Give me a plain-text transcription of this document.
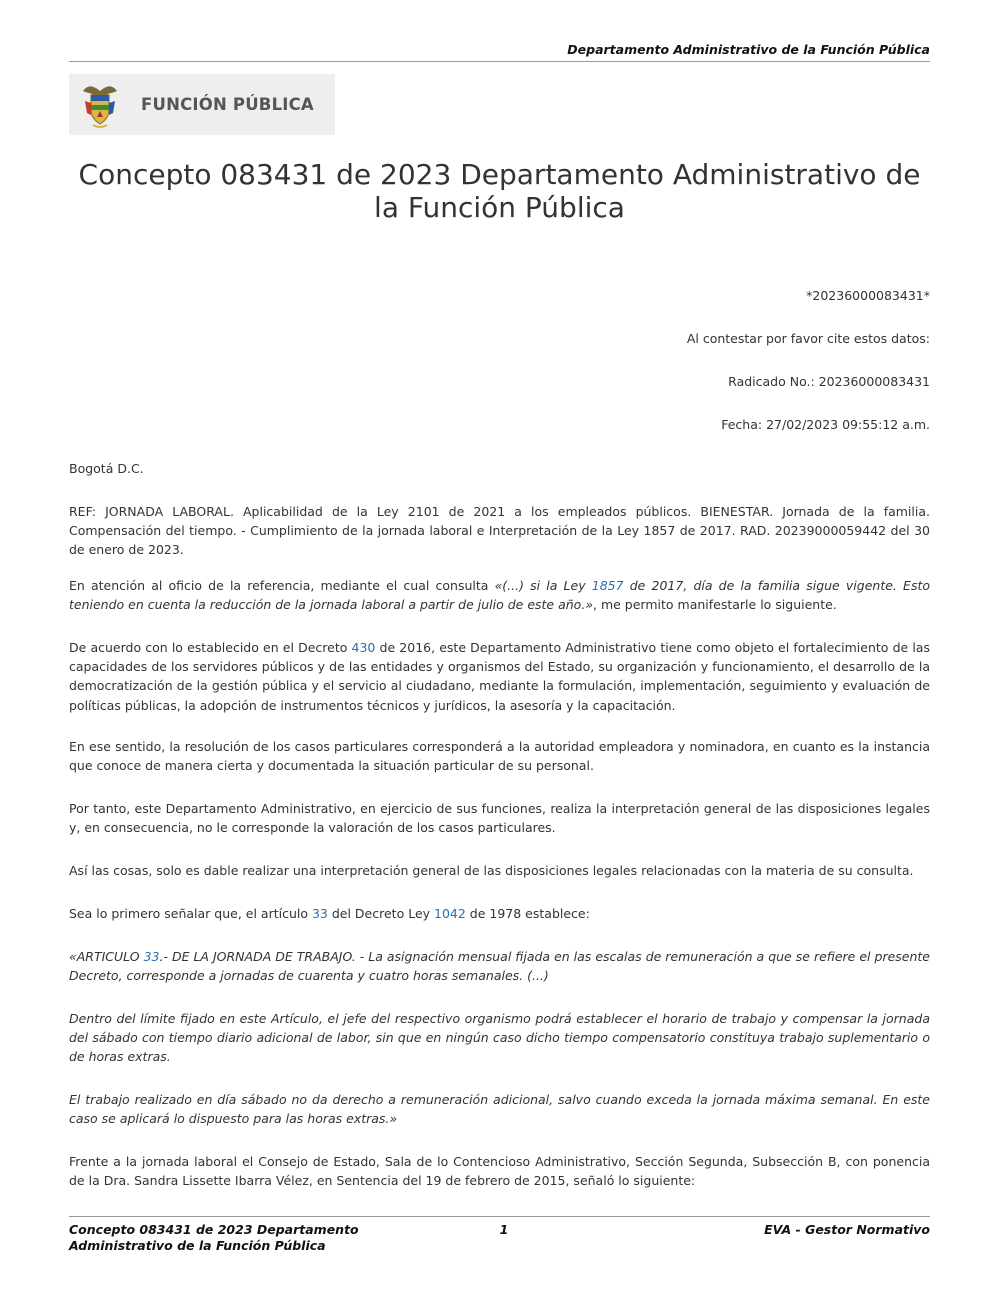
Departamento Administrativo de la Función Pública
FUNCIÓN PÚBLICA
Concepto 083431 de 2023 Departamento Administrativo de la Función Pública
*20236000083431*
Al contestar por favor cite estos datos:
Radicado No.: 20236000083431
Fecha: 27/02/2023 09:55:12 a.m.

Bogotá D.C.

REF: JORNADA LABORAL. Aplicabilidad de la Ley 2101 de 2021 a los empleados públicos. BIENESTAR. Jornada de la familia. Compensación del tiempo. - Cumplimiento de la jornada laboral e Interpretación de la Ley 1857 de 2017. RAD. 20239000059442 del 30 de enero de 2023.

En atención al oficio de la referencia, mediante el cual consulta «(...) si la Ley 1857 de 2017, día de la familia sigue vigente. Esto teniendo en cuenta la reducción de la jornada laboral a partir de julio de este año.», me permito manifestarle lo siguiente.

De acuerdo con lo establecido en el Decreto 430 de 2016, este Departamento Administrativo tiene como objeto el fortalecimiento de las capacidades de los servidores públicos y de las entidades y organismos del Estado, su organización y funcionamiento, el desarrollo de la democratización de la gestión pública y el servicio al ciudadano, mediante la formulación, implementación, seguimiento y evaluación de políticas públicas, la adopción de instrumentos técnicos y jurídicos, la asesoría y la capacitación.

En ese sentido, la resolución de los casos particulares corresponderá a la autoridad empleadora y nominadora, en cuanto es la instancia que conoce de manera cierta y documentada la situación particular de su personal.

Por tanto, este Departamento Administrativo, en ejercicio de sus funciones, realiza la interpretación general de las disposiciones legales y, en consecuencia, no le corresponde la valoración de los casos particulares.

Así las cosas, solo es dable realizar una interpretación general de las disposiciones legales relacionadas con la materia de su consulta.

Sea lo primero señalar que, el artículo 33 del Decreto Ley 1042 de 1978 establece:

«ARTICULO 33.- DE LA JORNADA DE TRABAJO. - La asignación mensual fijada en las escalas de remuneración a que se refiere el presente Decreto, corresponde a jornadas de cuarenta y cuatro horas semanales. (...)

Dentro del límite fijado en este Artículo, el jefe del respectivo organismo podrá establecer el horario de trabajo y compensar la jornada del sábado con tiempo diario adicional de labor, sin que en ningún caso dicho tiempo compensatorio constituya trabajo suplementario o de horas extras.

El trabajo realizado en día sábado no da derecho a remuneración adicional, salvo cuando exceda la jornada máxima semanal. En este caso se aplicará lo dispuesto para las horas extras.»

Frente a la jornada laboral el Consejo de Estado, Sala de lo Contencioso Administrativo, Sección Segunda, Subsección B, con ponencia de la Dra. Sandra Lissette Ibarra Vélez, en Sentencia del 19 de febrero de 2015, señaló lo siguiente:

Concepto 083431 de 2023 Departamento Administrativo de la Función Pública
1	EVA - Gestor Normativo
